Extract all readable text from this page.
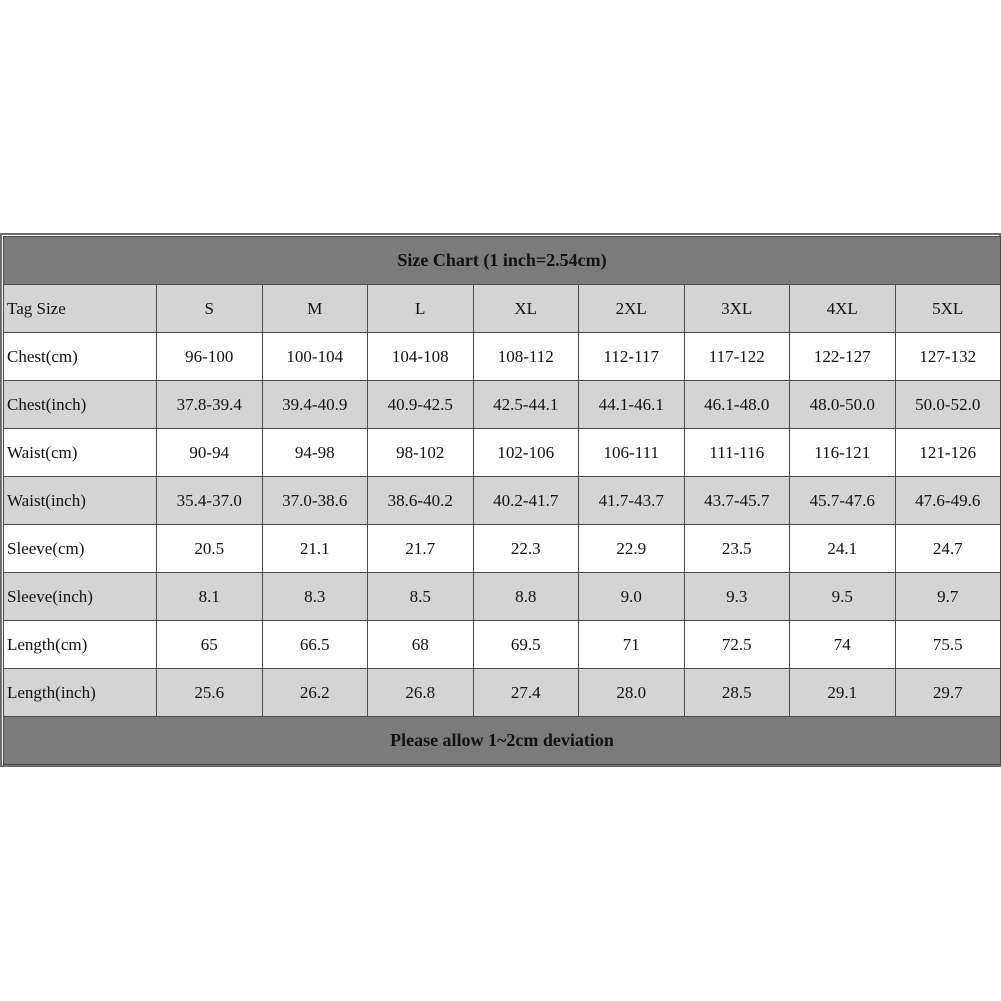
Size Chart (1 inch=2.54cm)								
Tag Size	S	M	L	XL	2XL	3XL	4XL	5XL
Chest(cm)	96-100	100-104	104-108	108-112	112-117	117-122	122-127	127-132
Chest(inch)	37.8-39.4	39.4-40.9	40.9-42.5	42.5-44.1	44.1-46.1	46.1-48.0	48.0-50.0	50.0-52.0
Waist(cm)	90-94	94-98	98-102	102-106	106-111	111-116	116-121	121-126
Waist(inch)	35.4-37.0	37.0-38.6	38.6-40.2	40.2-41.7	41.7-43.7	43.7-45.7	45.7-47.6	47.6-49.6
Sleeve(cm)	20.5	21.1	21.7	22.3	22.9	23.5	24.1	24.7
Sleeve(inch)	8.1	8.3	8.5	8.8	9.0	9.3	9.5	9.7
Length(cm)	65	66.5	68	69.5	71	72.5	74	75.5
Length(inch)	25.6	26.2	26.8	27.4	28.0	28.5	29.1	29.7
Please allow 1~2cm deviation								
